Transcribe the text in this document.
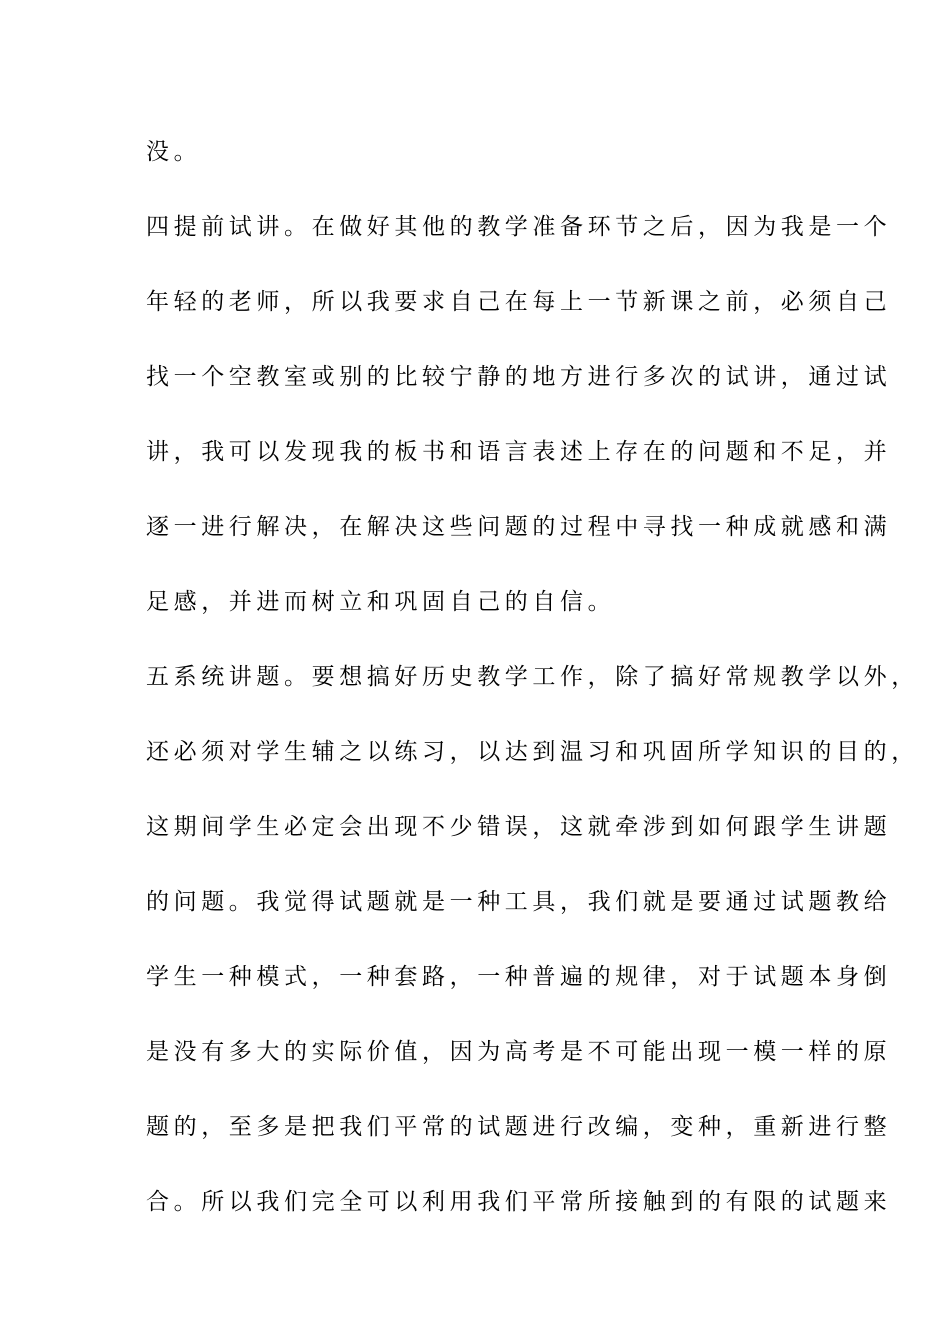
没。
四提前试讲。在做好其他的教学准备环节之后，因为我是一个
年轻的老师，所以我要求自己在每上一节新课之前，必须自己
找一个空教室或别的比较宁静的地方进行多次的试讲，通过试
讲，我可以发现我的板书和语言表述上存在的问题和不足，并
逐一进行解决，在解决这些问题的过程中寻找一种成就感和满
足感，并进而树立和巩固自己的自信。
五系统讲题。要想搞好历史教学工作，除了搞好常规教学以外，
还必须对学生辅之以练习，以达到温习和巩固所学知识的目的，
这期间学生必定会出现不少错误，这就牵涉到如何跟学生讲题
的问题。我觉得试题就是一种工具，我们就是要通过试题教给
学生一种模式，一种套路，一种普遍的规律，对于试题本身倒
是没有多大的实际价值，因为高考是不可能出现一模一样的原
题的，至多是把我们平常的试题进行改编，变种，重新进行整
合。所以我们完全可以利用我们平常所接触到的有限的试题来
